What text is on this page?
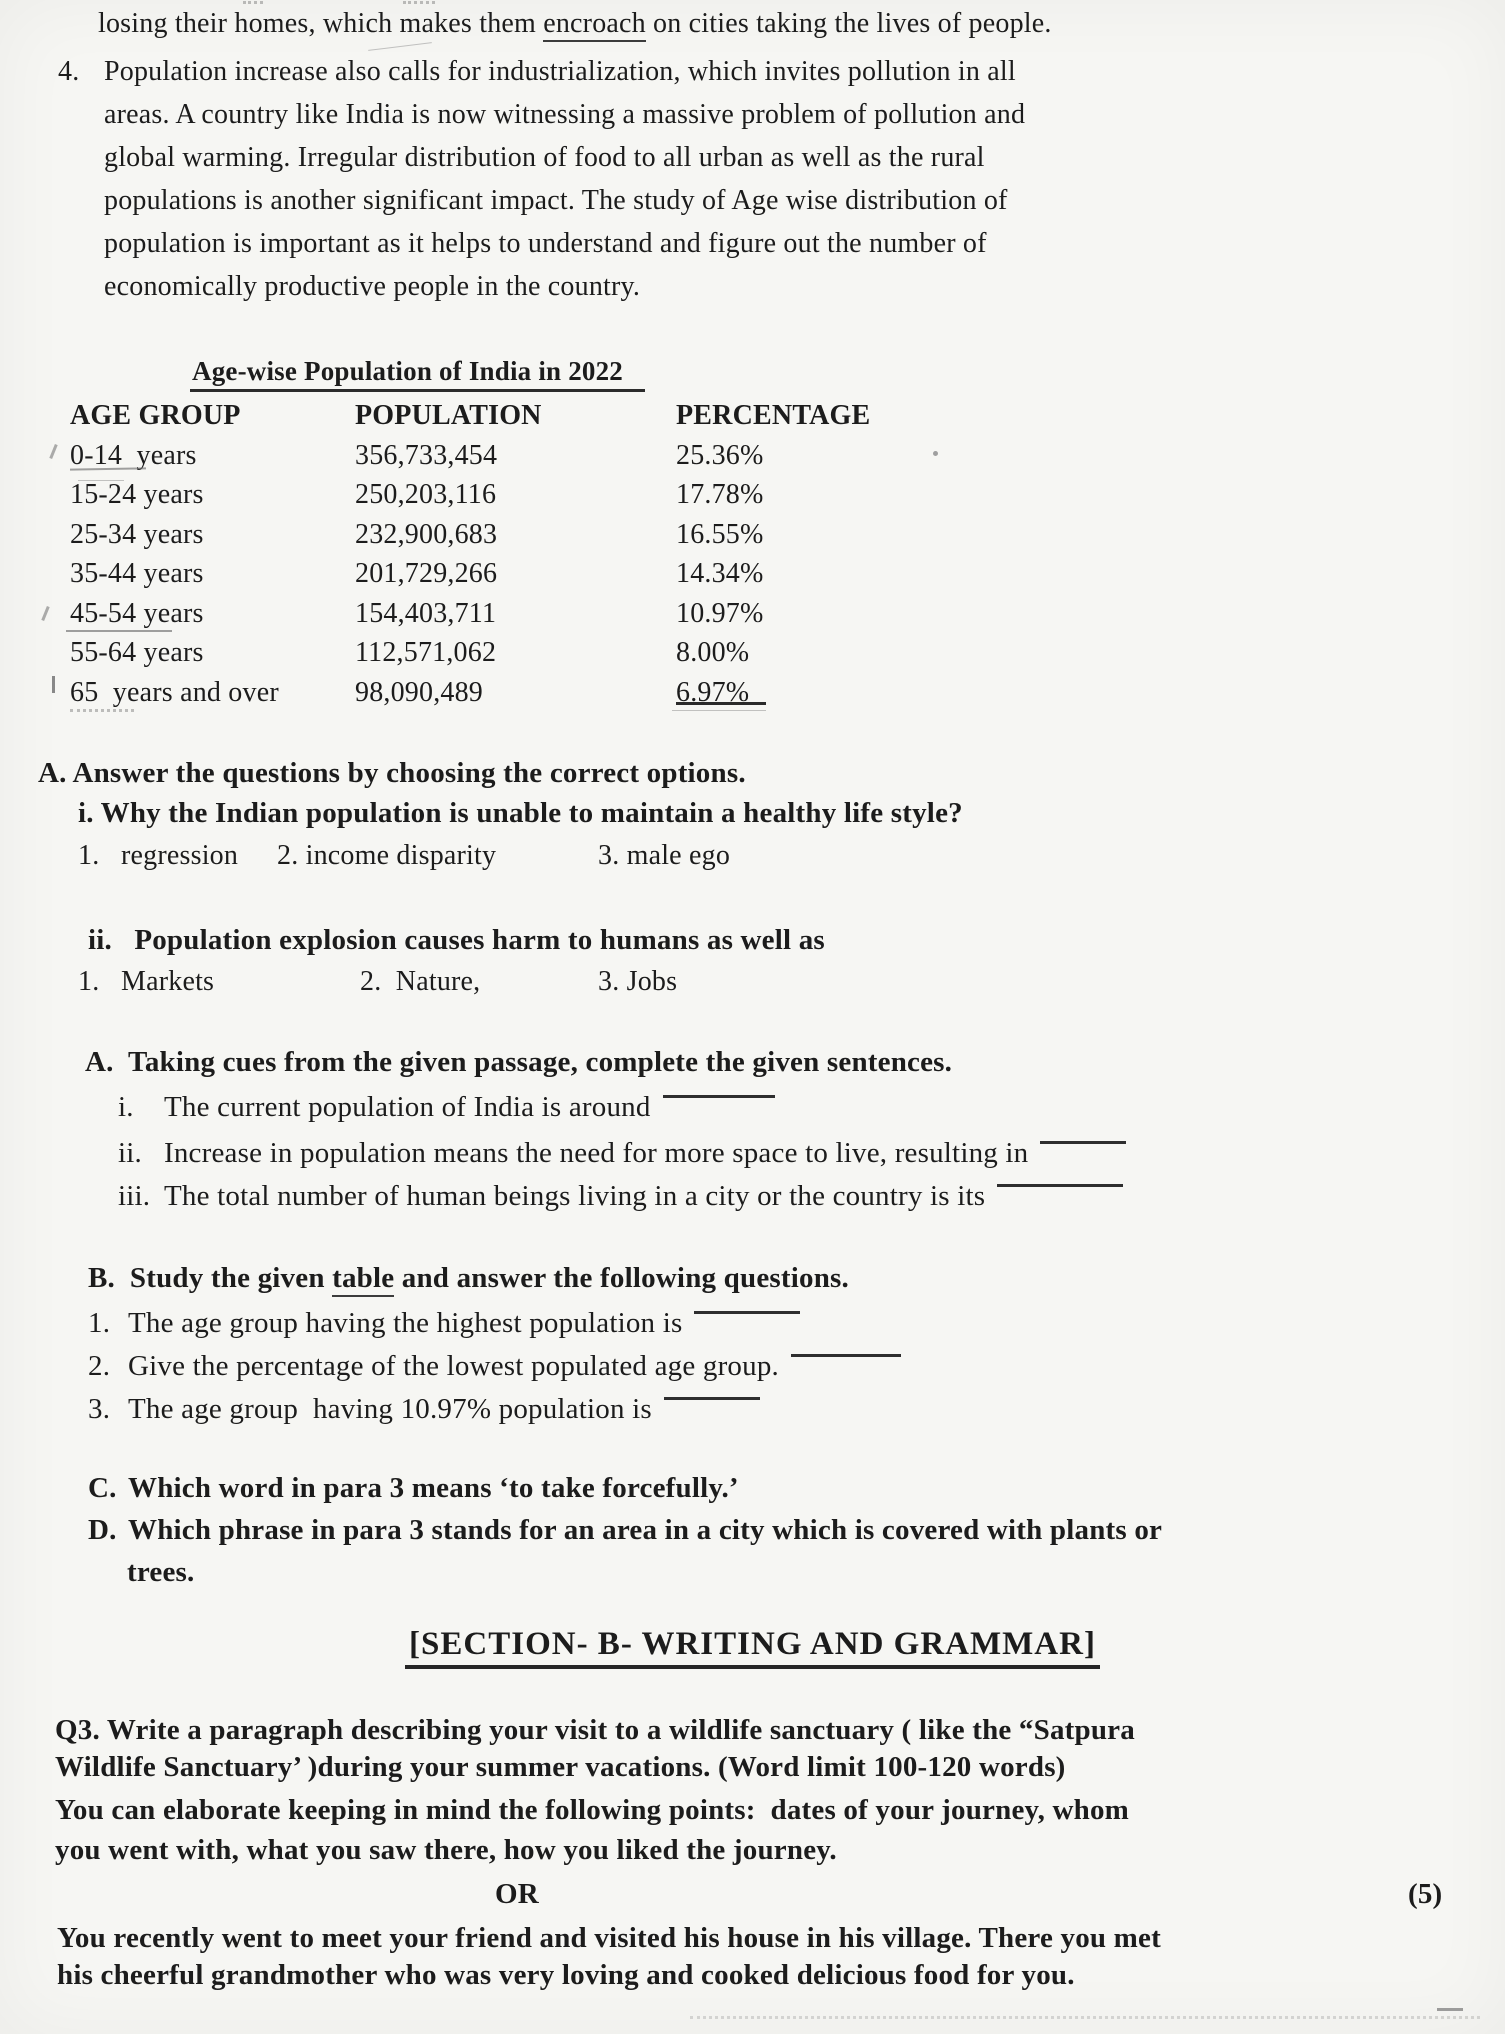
losing their homes, which makes them encroach on cities taking the lives of people.
4. Population increase also calls for industrialization, which invites pollution in all
areas. A country like India is now witnessing a massive problem of pollution and
global warming. Irregular distribution of food to all urban as well as the rural
populations is another significant impact. The study of Age wise distribution of
population is important as it helps to understand and figure out the number of
economically productive people in the country.
Age-wise Population of India in 2022
AGE GROUP	POPULATION	PERCENTAGE
0-14  years	356,733,454	25.36%
15-24 years	250,203,116	17.78%
25-34 years	232,900,683	16.55%
35-44 years	201,729,266	14.34%
45-54 years	154,403,711	10.97%
55-64 years	112,571,062	8.00%
65  years and over	98,090,489	6.97%
A. Answer the questions by choosing the correct options.
i. Why the Indian population is unable to maintain a healthy life style?
1.   regression 2. income disparity	3. male ego
ii.   Population explosion causes harm to humans as well as
1.   Markets	2.  Nature,	3. Jobs
A.  Taking cues from the given passage, complete the given sentences.
i.	The current population of India is around
ii. Increase in population means the need for more space to live, resulting in
iii. The total number of human beings living in a city or the country is its
B.  Study the given table and answer the following questions.
1. The age group having the highest population is
2. Give the percentage of the lowest populated age group.
3. The age group  having 10.97% population is
C. Which word in para 3 means ‘to take forcefully.’
D. Which phrase in para 3 stands for an area in a city which is covered with plants or
trees.
[SECTION- B- WRITING AND GRAMMAR]
Q3. Write a paragraph describing your visit to a wildlife sanctuary ( like the “Satpura
Wildlife Sanctuary’ )during your summer vacations. (Word limit 100-120 words)
You can elaborate keeping in mind the following points:  dates of your journey, whom
you went with, what you saw there, how you liked the journey.
OR	(5)
You recently went to meet your friend and visited his house in his village. There you met
his cheerful grandmother who was very loving and cooked delicious food for you.
